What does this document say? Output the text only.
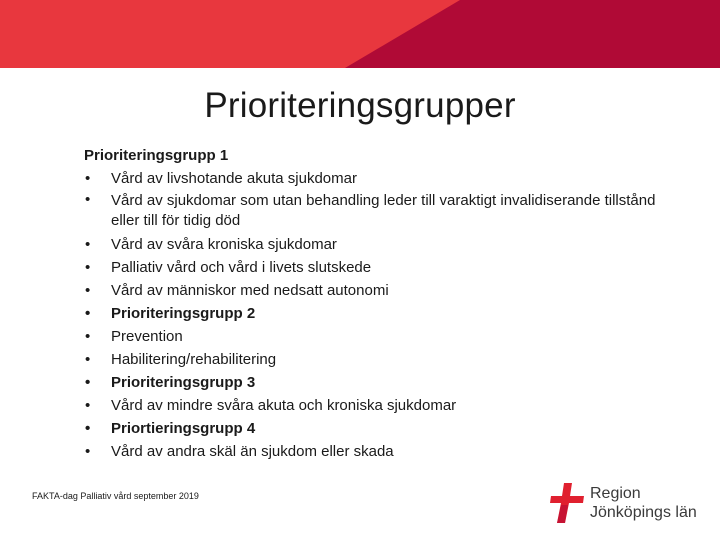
Prioriteringsgrupper

Prioriteringsgrupp 1

• Vård av livshotande akuta sjukdomar
• Vård av sjukdomar som utan behandling leder till varaktigt invalidiserande tillstånd eller till för tidig död
• Vård av svåra kroniska sjukdomar
• Palliativ vård och vård i livets slutskede
• Vård av människor med nedsatt autonomi
• Prioriteringsgrupp 2
• Prevention
• Habilitering/rehabilitering
• Prioriteringsgrupp 3
• Vård av mindre svåra akuta och kroniska sjukdomar
• Priortieringsgrupp 4
• Vård av andra skäl än sjukdom eller skada
FAKTA-dag Palliativ vård september 2019	Region
Jönköpings län
